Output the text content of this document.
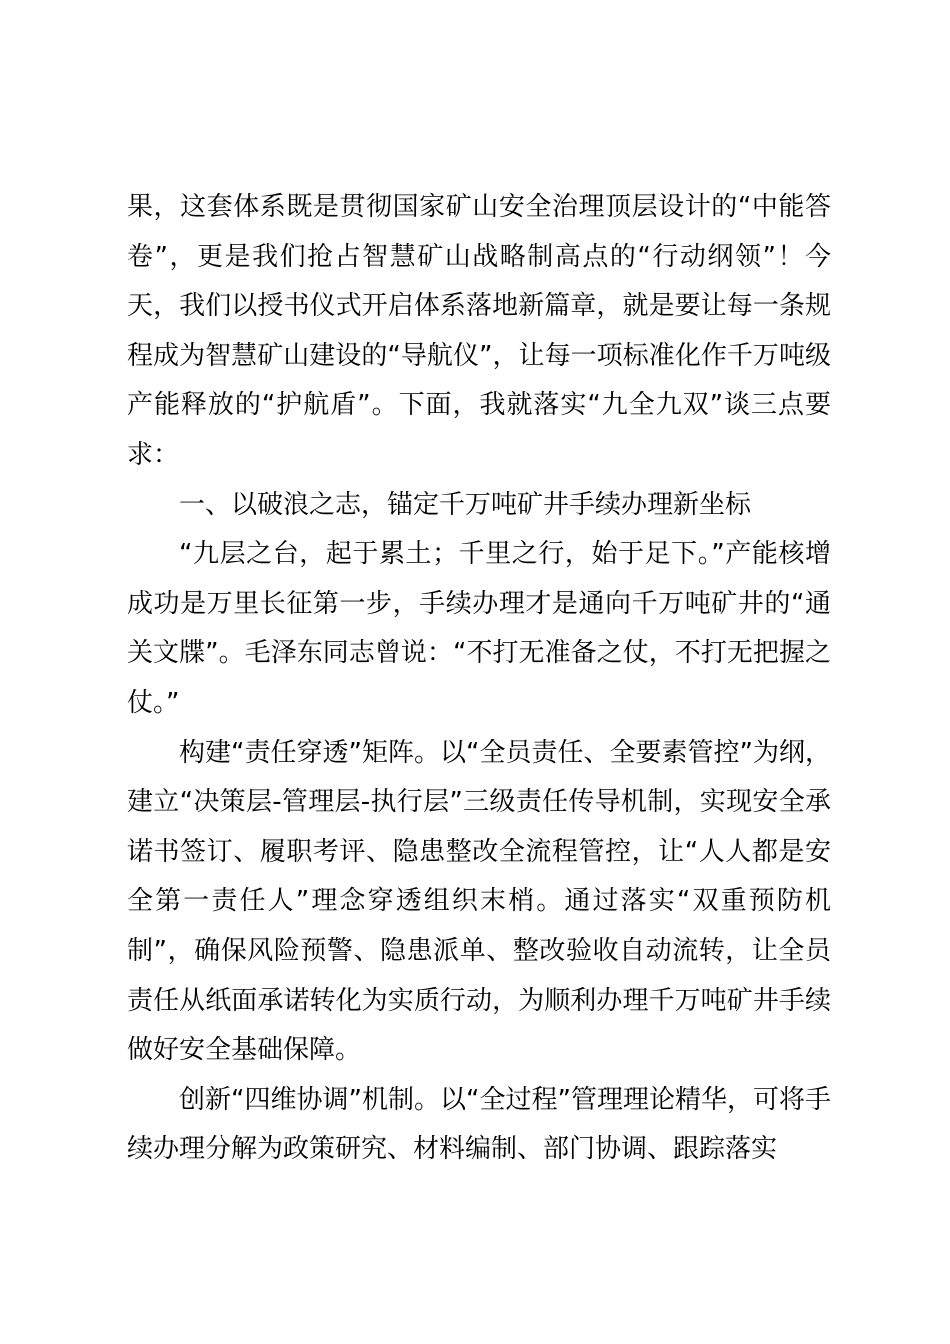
果，这套体系既是贯彻国家矿山安全治理顶层设计的“中能答卷”，更是我们抢占智慧矿山战略制高点的“行动纲领”！今天，我们以授书仪式开启体系落地新篇章，就是要让每一条规程成为智慧矿山建设的“导航仪”，让每一项标准化作千万吨级产能释放的“护航盾”。下面，我就落实“九全九双”谈三点要求：

一、以破浪之志，锚定千万吨矿井手续办理新坐标

“九层之台，起于累土；千里之行，始于足下。”产能核增成功是万里长征第一步，手续办理才是通向千万吨矿井的“通关文牒”。毛泽东同志曾说：“不打无准备之仗，不打无把握之仗。”

构建“责任穿透”矩阵。以“全员责任、全要素管控”为纲，建立“决策层-管理层-执行层”三级责任传导机制，实现安全承诺书签订、履职考评、隐患整改全流程管控，让“人人都是安全第一责任人”理念穿透组织末梢。通过落实“双重预防机制”，确保风险预警、隐患派单、整改验收自动流转，让全员责任从纸面承诺转化为实质行动，为顺利办理千万吨矿井手续做好安全基础保障。

创新“四维协调”机制。以“全过程”管理理论精华，可将手续办理分解为政策研究、材料编制、部门协调、跟踪落实
